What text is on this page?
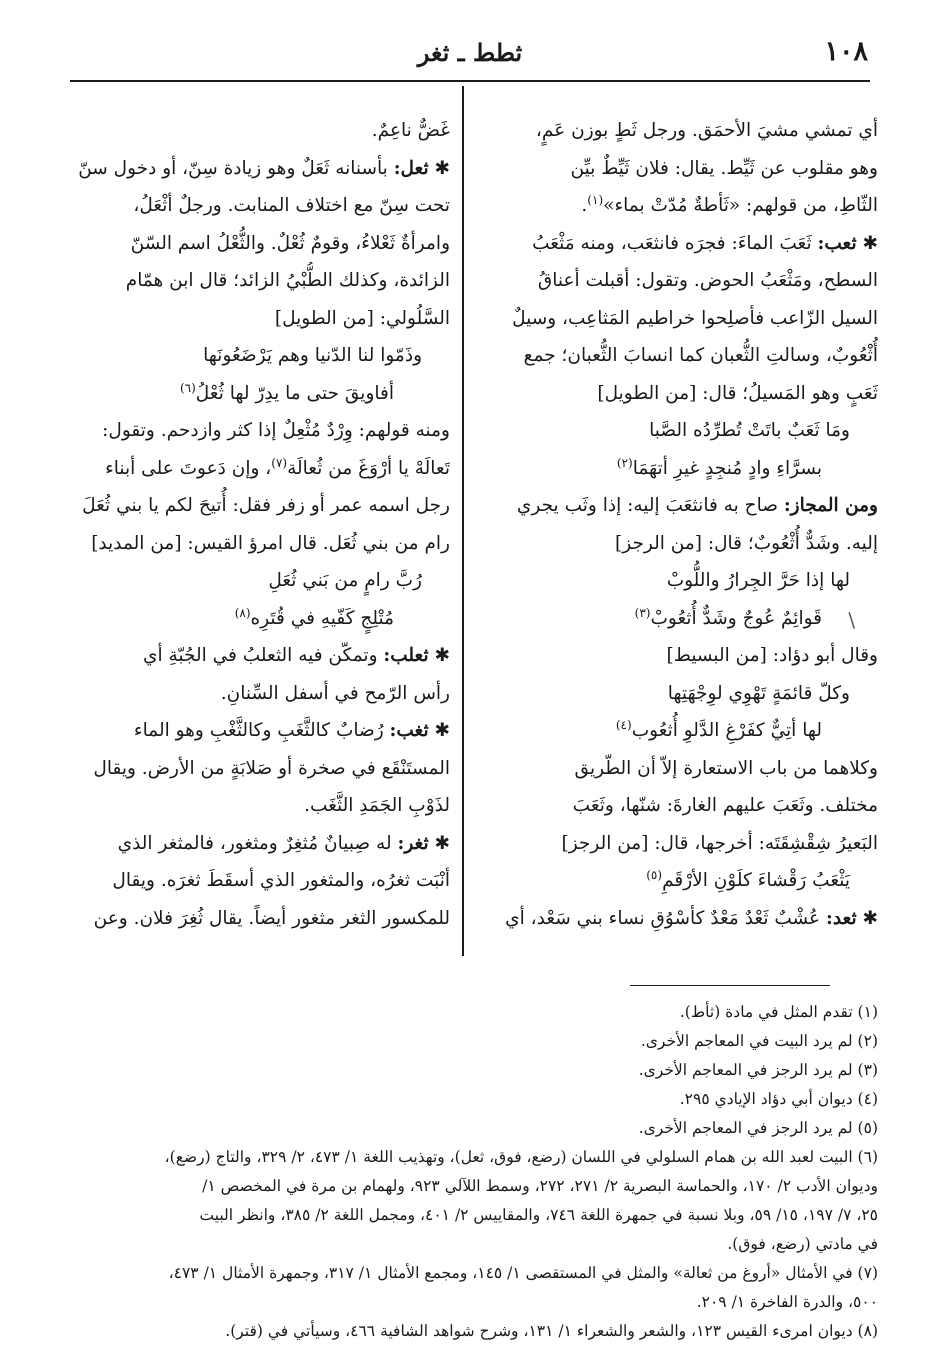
١٠٨
ثطط ـ ثغر
أي تمشي مشيَ الأحمَق. ورجل ثَطٍ بوزن عَمٍ،
وهو مقلوب عن ثَيِّط. يقال: فلان ثَيِّطٌ بيِّن
الثّاطِ، من قولهم: «ثَأطةٌ مُدّتْ بماء»$^{(١)}$.
✱ ثعب: ثَعَبَ الماءَ: فجرَه فانثعَب، ومنه مَثْعَبُ
السطح، ومَثْعَبُ الحوض. وتقول: أقبلت أعناقُ
السيل الزّاعب فأصلِحوا خراطيم المَثاعِب، وسيلٌ
أُثْعُوبٌ، وسالتِ الثُّعبان كما انسابَ الثُّعبان؛ جمع
ثَعَبٍ وهو المَسيلُ؛ قال: [من الطويل]
ومَا ثَعَبٌ باتَتْ تُطرِّدُه الصَّبا
بسرَّاءِ وادٍ مُنجِدٍ غيرِ أتهَمَا$^{(٢)}$
ومن المجاز: صاح به فانثعَبَ إليه: إذا وثَب يجري
إليه. وشَدٌّ أُثْعُوبٌ؛ قال: [من الرجز]
لها إذا حَرَّ الجِرارُ واللُّوبْ
قَوائِمٌ عُوجٌ وشَدٌّ أُثعُوبْ$^{(٣)}$
وقال أبو دؤاد: [من البسيط]
وكلّ قائمَةٍ تَهْوِي لوِجْهَتِها
لها أتِيٌّ كفَرْغِ الدَّلوِ أُثعُوب$^{(٤)}$
وكلاهما من باب الاستعارة إلاّ أن الطّريق
مختلف. وثَعَبَ عليهم الغارةَ: شنّها، وثَعَبَ
البَعيرُ شِقْشِقَتَه: أخرجها، قال: [من الرجز]
يَثْعَبُ رَقْشاءَ كلَوْنِ الأرْقَمِ$^{(٥)}$
✱ ثعد: عُشْبٌ ثَعْدٌ مَعْدٌ كأسْوُقِ نساء بني سَعْد، أي
غَضٌّ ناعِمٌ.
✱ ثعل: بأسنانه ثَعَلٌ وهو زيادة سِنّ، أو دخول سنّ
تحت سِنّ مع اختلاف المنابت. ورجلٌ أثْعَلُ،
وامرأةٌ ثَعْلاءُ، وقومٌ ثُعْلٌ. والثُّعْلُ اسم السّنّ
الزائدة، وكذلك الطُّبْيُ الزائد؛ قال ابن همّام
السَّلُولي: [من الطويل]
وذَمّوا لنا الدّنيا وهم يَرْضَعُونَها
أفاويقَ حتى ما يدِرّ لها ثُعْلُ$^{(٦)}$
ومنه قولهم: وِرْدٌ مُثْعِلٌ إذا كثر وازدحم. وتقول:
تَعالَهْ يا أرْوَغَ من ثُعالَة$^{(٧)}$، وإن دَعوتَ على أبناء
رجل اسمه عمر أو زفر فقل: أُتيحَ لكم يا بني ثُعَلَ
رام من بني ثُعَل. قال امرؤ القيس: [من المديد]
رُبَّ رامٍ من بَني ثُعَلِ
مُتْلِجٍ كَفّيهِ في قُتَرِه$^{(٨)}$
✱ ثعلب: وتمكّن فيه الثعلبُ في الجُبّةِ أي
رأس الرّمح في أسفل السِّنانِ.
✱ ثغب: رُضابٌ كالثَّغَبِ وكالثَّغْبِ وهو الماء
المستَنْقَع في صخرة أو صَلابَةٍ من الأرض. ويقال
لذَوْبِ الجَمَدِ الثَّغَب.
✱ ثغر: له صِبيانٌ مُثغِرٌ ومثغور، فالمثغر الذي
أنْبَت ثغرُه، والمثغور الذي أسقَطَ ثغرَه. ويقال
للمكسور الثغر مثغور أيضاً. يقال ثُغِرَ فلان. وعن
/
(١) تقدم المثل في مادة (ثأط).
(٢) لم يرد البيت في المعاجم الأخرى.
(٣) لم يرد الرجز في المعاجم الأخرى.
(٤) ديوان أبي دؤاد الإيادي ٢٩٥.
(٥) لم يرد الرجز في المعاجم الأخرى.
(٦) البيت لعبد الله بن همام السلولي في اللسان (رضع، فوق، ثعل)، وتهذيب اللغة ١/ ٤٧٣، ٢/ ٣٢٩، والتاج (رضع)،
وديوان الأدب ٢/ ١٧٠، والحماسة البصرية ٢/ ٢٧١، ٢٧٢، وسمط اللآلي ٩٢٣، ولهمام بن مرة في المخصص ١/
٢٥، ٧/ ١٩٧، ١٥/ ٥٩، وبلا نسبة في جمهرة اللغة ٧٤٦، والمقاييس ٢/ ٤٠١، ومجمل اللغة ٢/ ٣٨٥، وانظر البيت
في مادتي (رضع، فوق).
(٧) في الأمثال «أروغ من ثعالة» والمثل في المستقصى ١/ ١٤٥، ومجمع الأمثال ١/ ٣١٧، وجمهرة الأمثال ١/ ٤٧٣،
٥٠٠، والدرة الفاخرة ١/ ٢٠٩.
(٨) ديوان امرىء القيس ١٢٣، والشعر والشعراء ١/ ١٣١، وشرح شواهد الشافية ٤٦٦، وسيأتي في (قتر).
